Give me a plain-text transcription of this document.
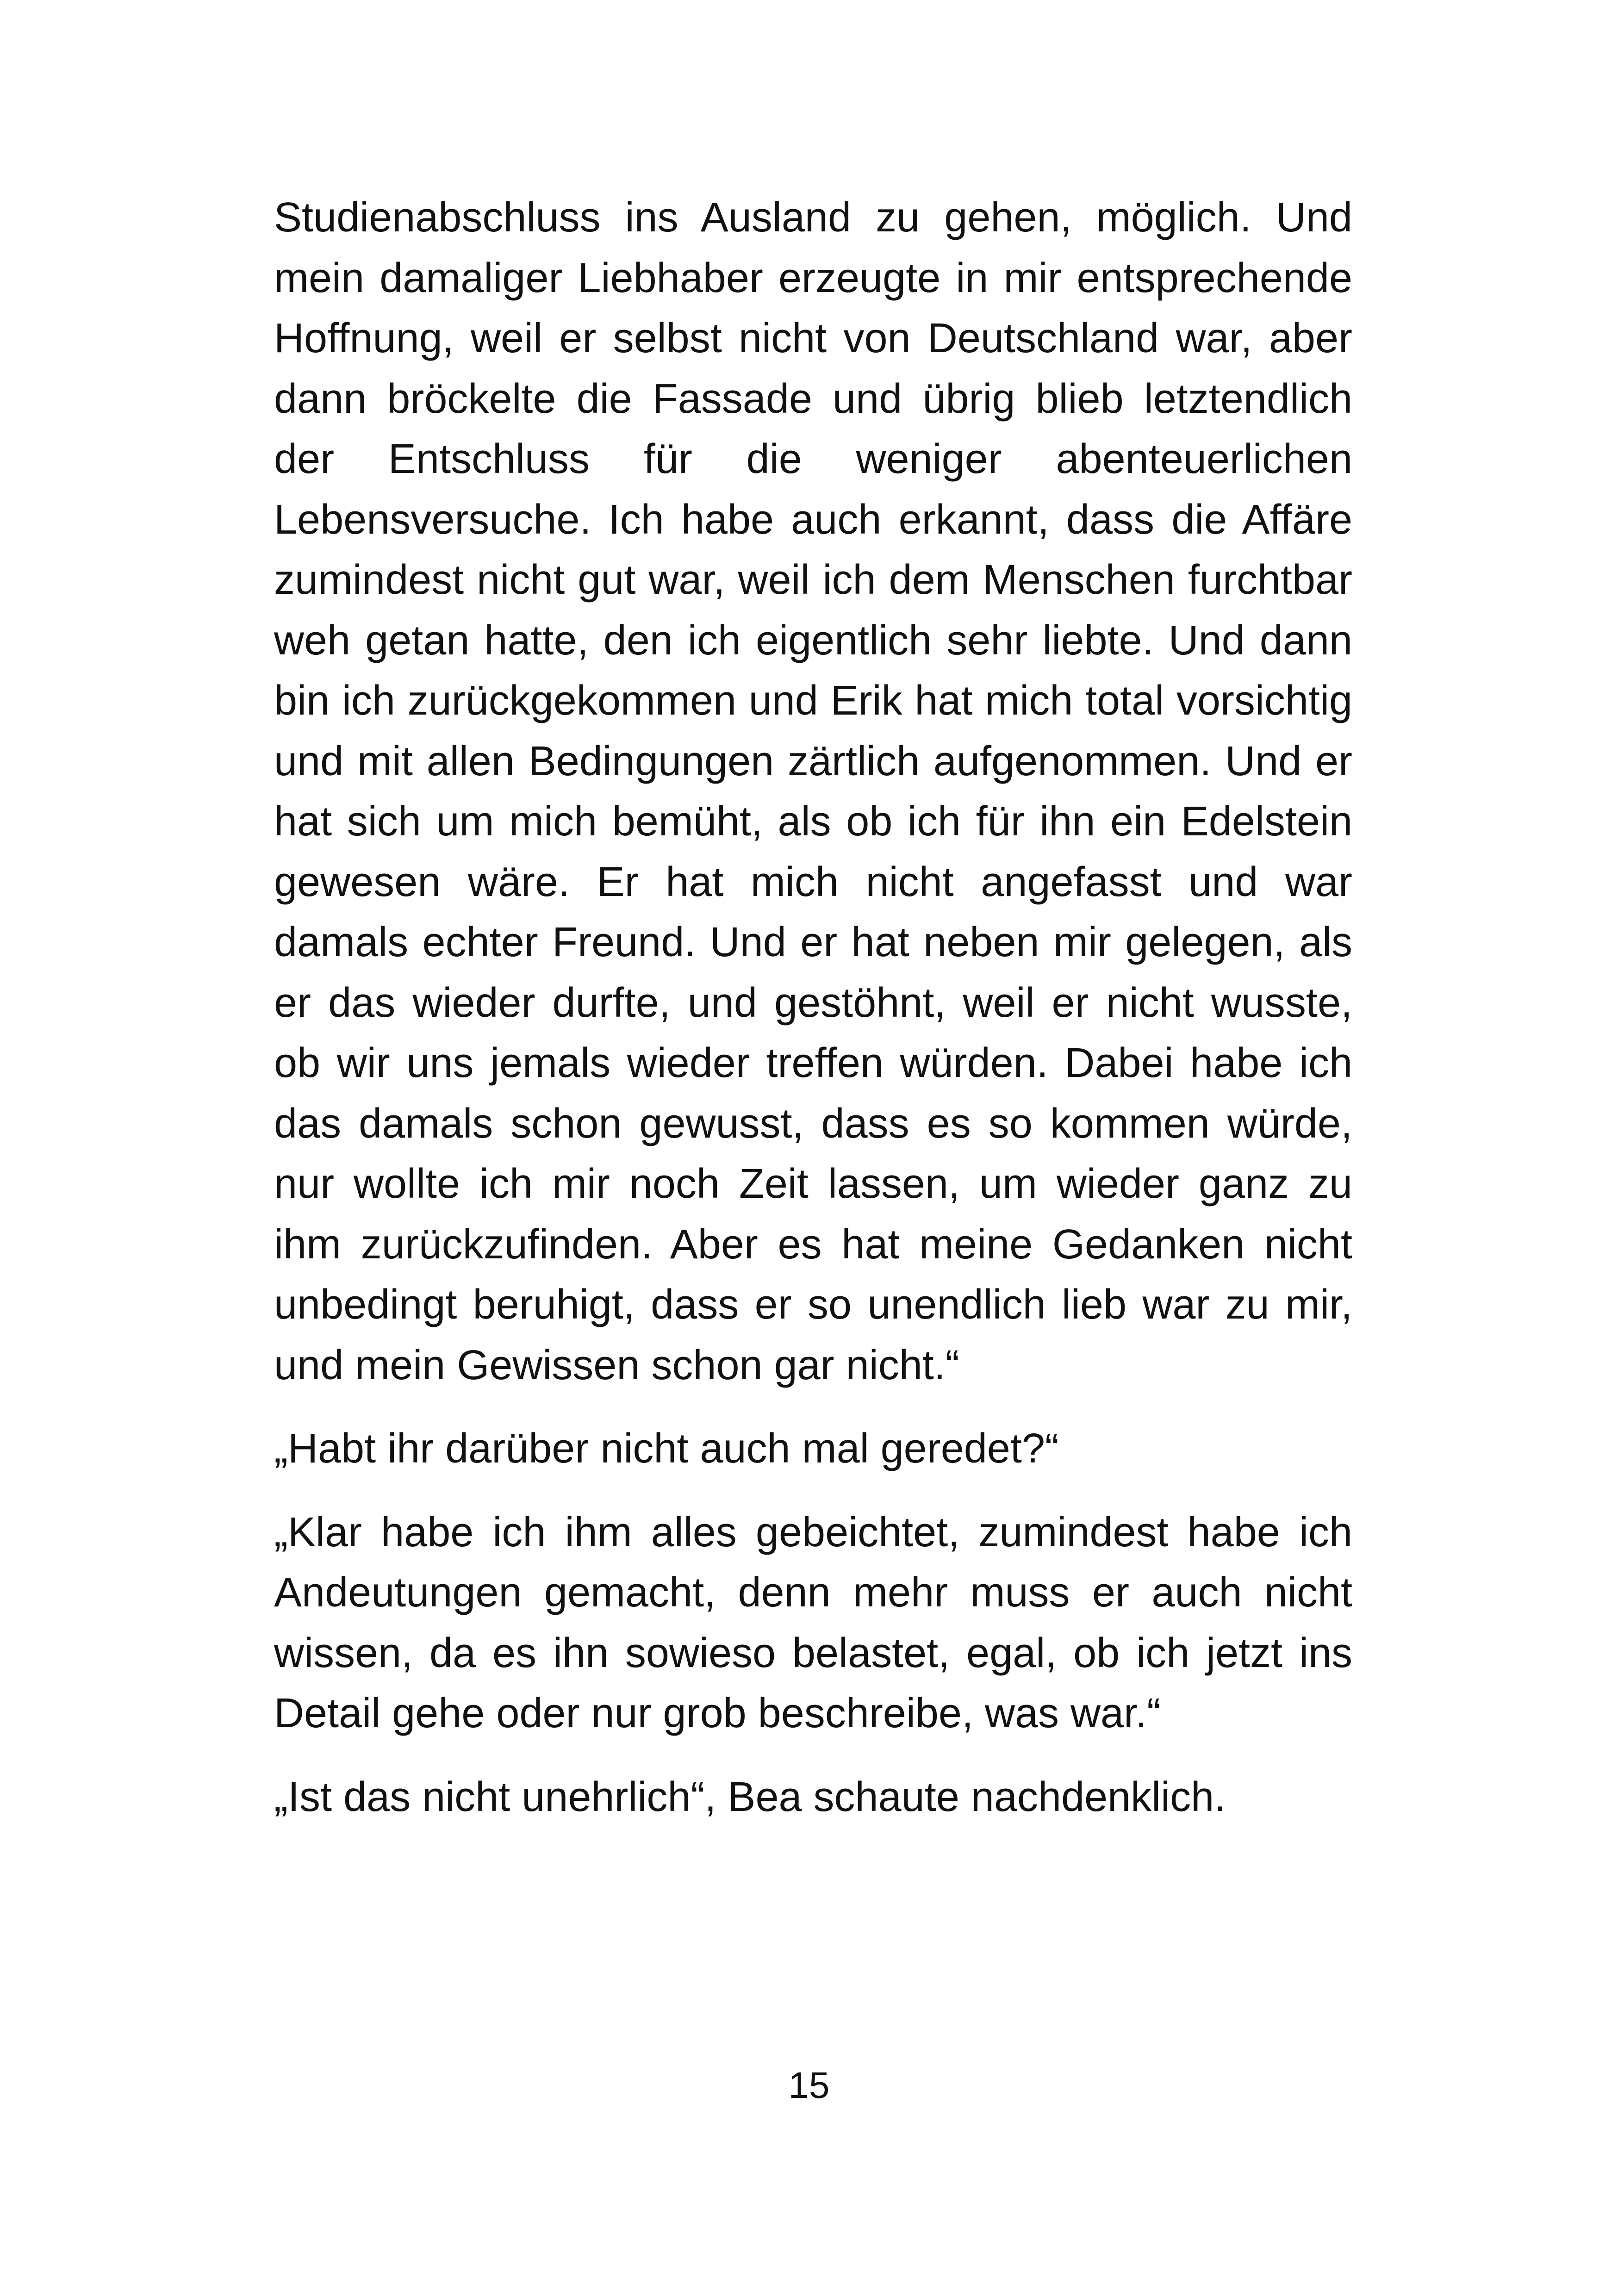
Studienabschluss ins Ausland zu gehen, möglich. Und mein damaliger Liebhaber erzeugte in mir entsprechende Hoffnung, weil er selbst nicht von Deutschland war, aber dann bröckelte die Fassade und übrig blieb letztendlich der Entschluss für die weniger abenteuerlichen Lebensversuche. Ich habe auch erkannt, dass die Affäre zumindest nicht gut war, weil ich dem Menschen furchtbar weh getan hatte, den ich eigentlich sehr liebte. Und dann bin ich zurückgekommen und Erik hat mich total vorsichtig und mit allen Bedingungen zärtlich aufgenommen. Und er hat sich um mich bemüht, als ob ich für ihn ein Edelstein gewesen wäre. Er hat mich nicht angefasst und war damals echter Freund. Und er hat neben mir gelegen, als er das wieder durfte, und gestöhnt, weil er nicht wusste, ob wir uns jemals wieder treffen würden. Dabei habe ich das damals schon gewusst, dass es so kommen würde, nur wollte ich mir noch Zeit lassen, um wieder ganz zu ihm zurückzufinden. Aber es hat meine Gedanken nicht unbedingt beruhigt, dass er so unendlich lieb war zu mir, und mein Gewissen schon gar nicht.“

„Habt ihr darüber nicht auch mal geredet?“

„Klar habe ich ihm alles gebeichtet, zumindest habe ich Andeutungen gemacht, denn mehr muss er auch nicht wissen, da es ihn sowieso belastet, egal, ob ich jetzt ins Detail gehe oder nur grob beschreibe, was war.“

„Ist das nicht unehrlich“, Bea schaute nachdenklich.

15
